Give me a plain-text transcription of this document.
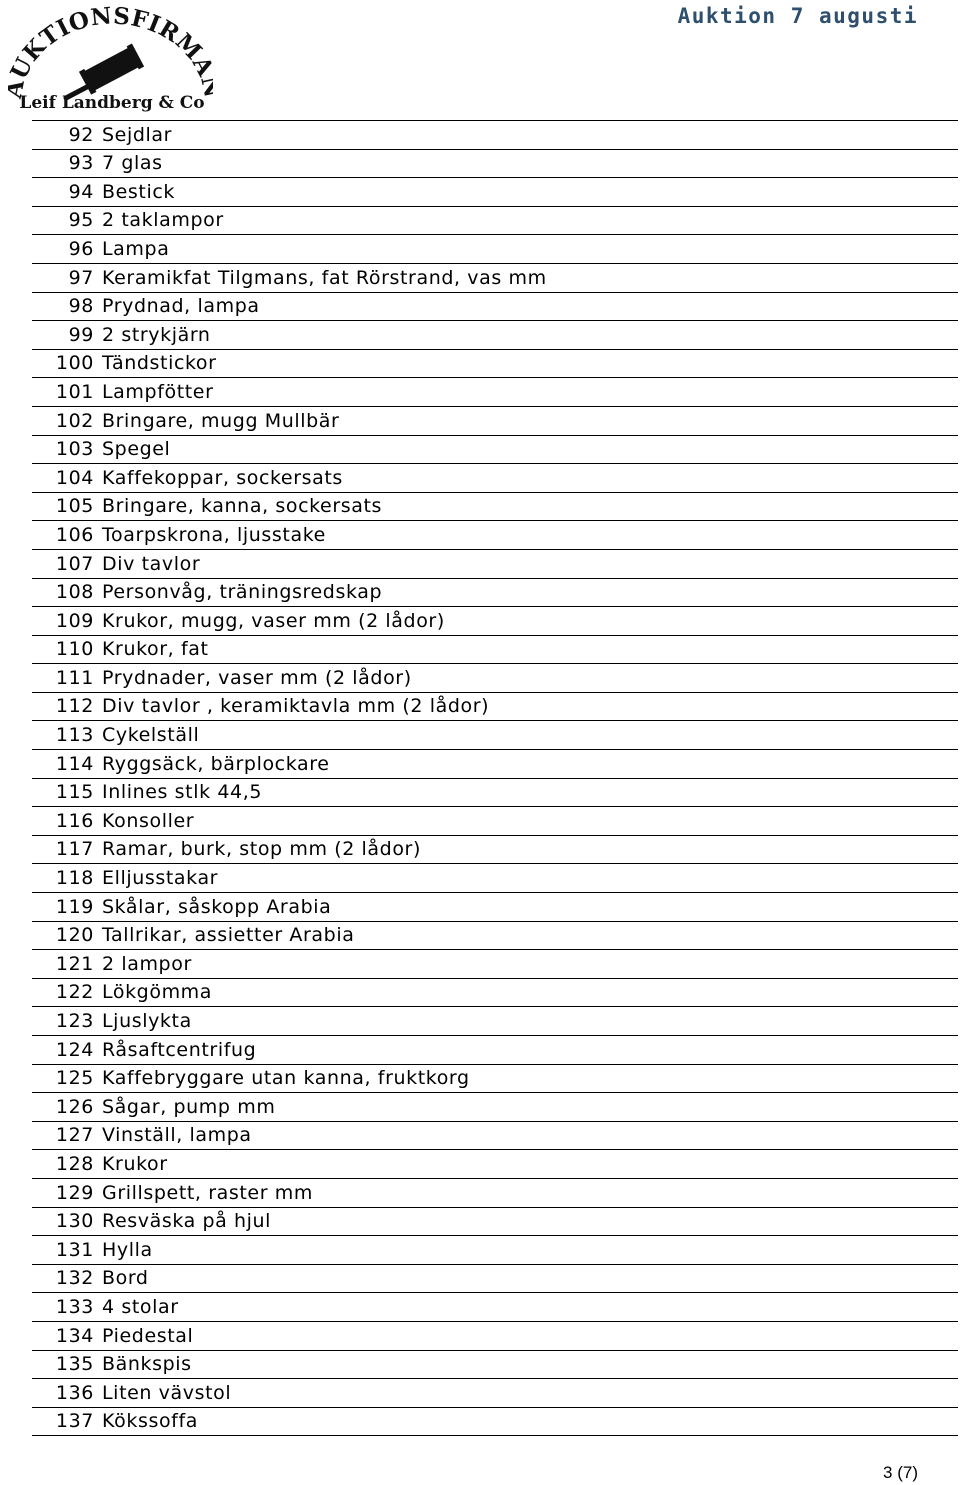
UKTIONSFIRM
Leif Landberg & Co
Auktion 7 augusti
92	Sejdlar
93	7 glas
94	Bestick
95	2 taklampor
96	Lampa
97	Keramikfat Tilgmans, fat Rörstrand, vas mm
98	Prydnad, lampa
99	2 strykjärn
100	Tändstickor
101	Lampfötter
102	Bringare, mugg Mullbär
103	Spegel
104	Kaffekoppar, sockersats
105	Bringare, kanna, sockersats
106	Toarpskrona, ljusstake
107	Div tavlor
108	Personvåg, träningsredskap
109	Krukor, mugg, vaser mm (2 lådor)
110	Krukor, fat
111	Prydnader, vaser mm (2 lådor)
112	Div tavlor , keramiktavla mm (2 lådor)
113	Cykelställ
114	Ryggsäck, bärplockare
115	Inlines stlk 44,5
116	Konsoller
117	Ramar, burk, stop mm (2 lådor)
118	Elljusstakar
119	Skålar, såskopp Arabia
120	Tallrikar, assietter Arabia
121	2 lampor
122	Lökgömma
123	Ljuslykta
124	Råsaftcentrifug
125	Kaffebryggare utan kanna, fruktkorg
126	Sågar, pump mm
127	Vinställ, lampa
128	Krukor
129	Grillspett, raster mm
130	Resväska på hjul
131	Hylla
132	Bord
133	4 stolar
134	Piedestal
135	Bänkspis
136	Liten vävstol
137	Kökssoffa
3 (7)
